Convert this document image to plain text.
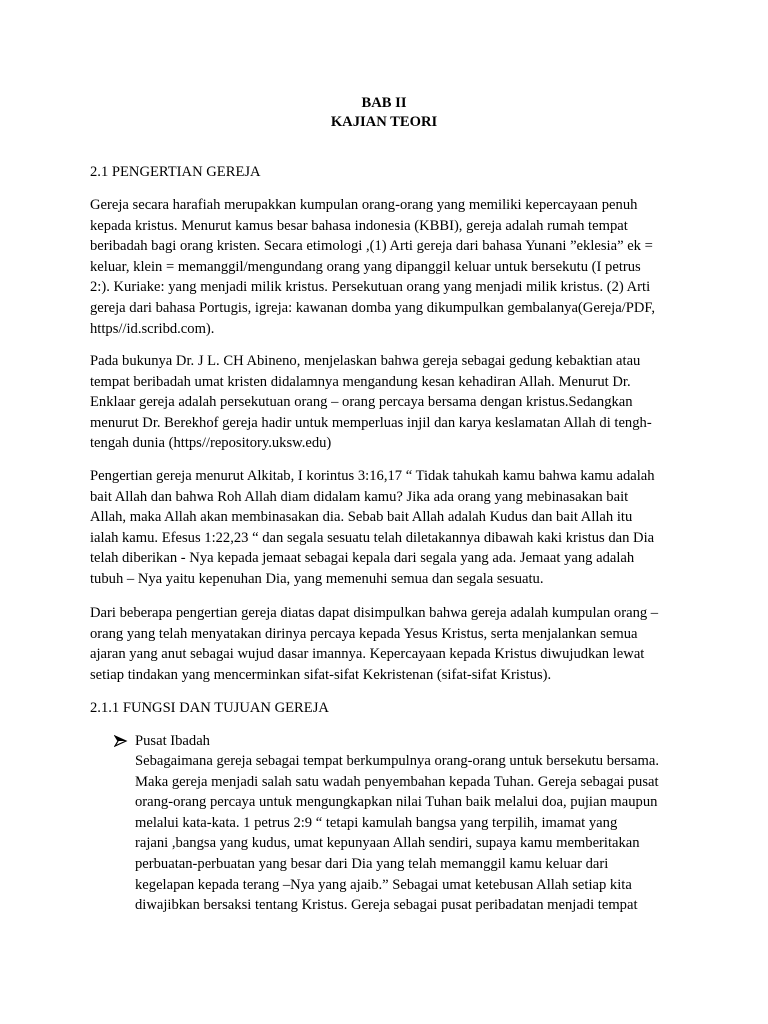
BAB II
KAJIAN TEORI
2.1 PENGERTIAN GEREJA

Gereja secara harafiah merupakkan kumpulan orang-orang yang memiliki kepercayaan penuh
kepada kristus. Menurut kamus besar bahasa indonesia (KBBI), gereja adalah rumah tempat
beribadah bagi orang kristen. Secara etimologi ,(1) Arti gereja dari bahasa Yunani ”eklesia” ek =
keluar, klein = memanggil/mengundang orang yang dipanggil keluar untuk bersekutu (I petrus
2:). Kuriake: yang menjadi milik kristus. Persekutuan orang yang menjadi milik kristus. (2) Arti
gereja dari bahasa Portugis, igreja: kawanan domba yang dikumpulkan gembalanya(Gereja/PDF,
https//id.scribd.com).

Pada bukunya Dr. J L. CH Abineno, menjelaskan bahwa gereja sebagai gedung kebaktian atau
tempat beribadah umat kristen didalamnya mengandung kesan kehadiran Allah. Menurut Dr.
Enklaar gereja adalah persekutuan orang – orang percaya bersama dengan kristus.Sedangkan
menurut Dr. Berekhof gereja hadir untuk memperluas injil dan karya keslamatan Allah di tengh-
tengah dunia (https//repository.uksw.edu)

Pengertian gereja menurut Alkitab, I korintus 3:16,17 “ Tidak tahukah kamu bahwa kamu adalah
bait Allah dan bahwa Roh Allah diam didalam kamu? Jika ada orang yang mebinasakan bait
Allah, maka Allah akan membinasakan dia. Sebab bait Allah adalah Kudus dan bait Allah itu
ialah kamu. Efesus 1:22,23 “ dan segala sesuatu telah diletakannya dibawah kaki kristus dan Dia
telah diberikan - Nya kepada jemaat sebagai kepala dari segala yang ada. Jemaat yang adalah
tubuh – Nya yaitu kepenuhan Dia, yang memenuhi semua dan segala sesuatu.

Dari beberapa pengertian gereja diatas dapat disimpulkan bahwa gereja adalah kumpulan orang –
orang yang telah menyatakan dirinya percaya kepada Yesus Kristus, serta menjalankan semua
ajaran yang anut sebagai wujud dasar imannya. Kepercayaan kepada Kristus diwujudkan lewat
setiap tindakan yang mencerminkan sifat-sifat Kekristenan (sifat-sifat Kristus).

2.1.1 FUNGSI DAN TUJUAN GEREJA
Pusat Ibadah

Sebagaimana gereja sebagai tempat berkumpulnya orang-orang untuk bersekutu bersama.
Maka gereja menjadi salah satu wadah penyembahan kepada Tuhan. Gereja sebagai pusat
orang-orang percaya untuk mengungkapkan nilai Tuhan baik melalui doa, pujian maupun
melalui kata-kata. 1 petrus 2:9 “ tetapi kamulah bangsa yang terpilih, imamat yang
rajani ,bangsa yang kudus, umat kepunyaan Allah sendiri, supaya kamu memberitakan
perbuatan-perbuatan yang besar dari Dia yang telah memanggil kamu keluar dari
kegelapan kepada terang –Nya yang ajaib.” Sebagai umat ketebusan Allah setiap kita
diwajibkan bersaksi tentang Kristus. Gereja sebagai pusat peribadatan menjadi tempat
